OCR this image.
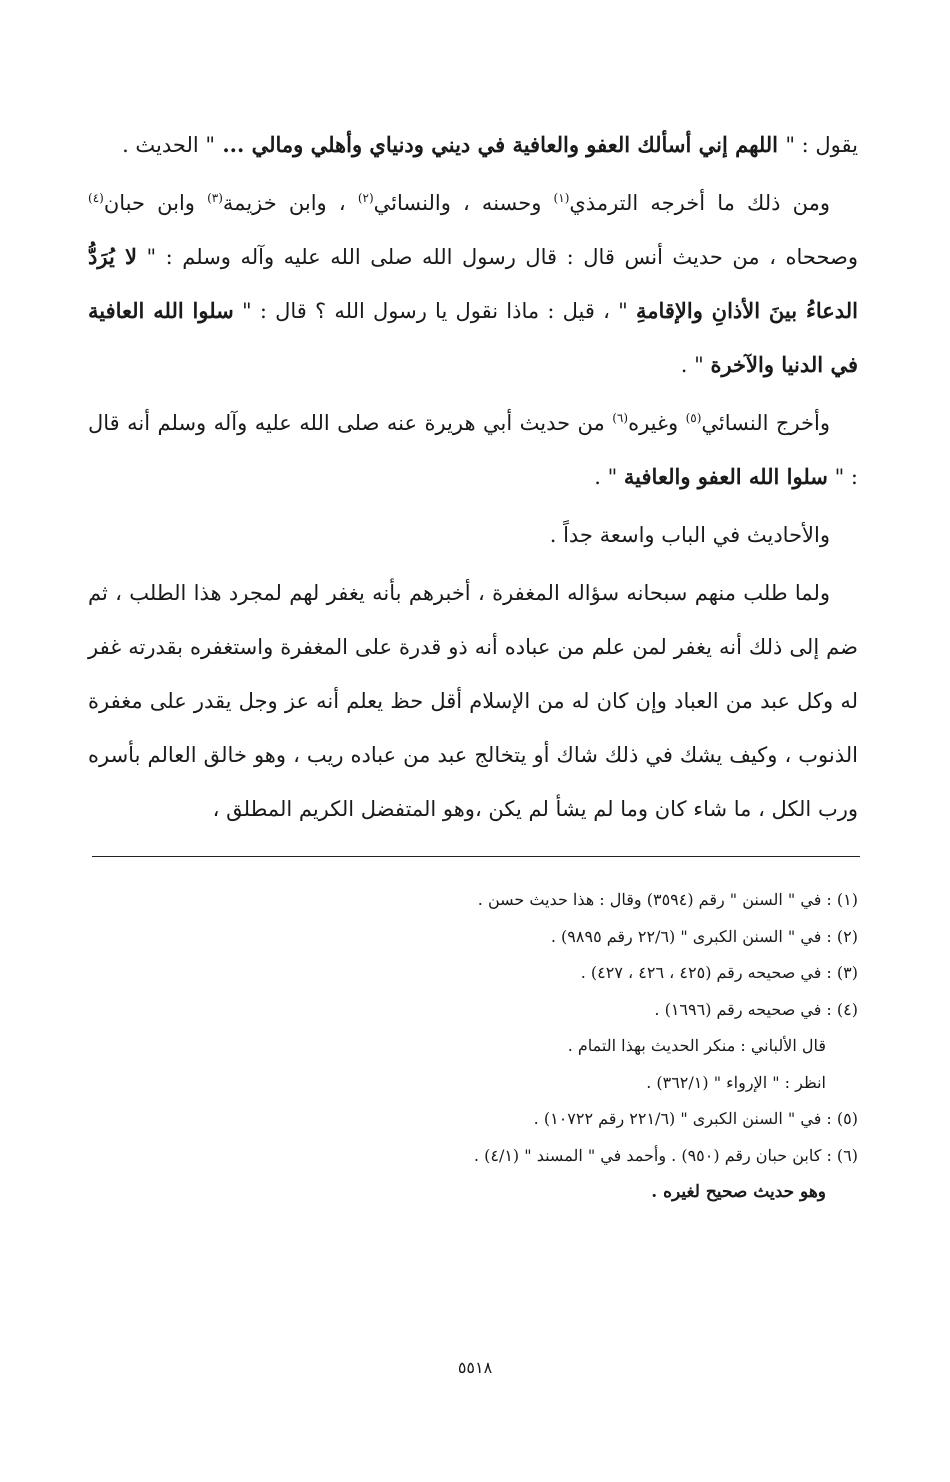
يقول : " اللهم إني أسألك العفو والعافية في ديني ودنياي وأهلي ومالي ... " الحديث .

ومن ذلك ما أخرجه الترمذي$^{(١)}$ وحسنه ، والنسائي$^{(٢)}$ ، وابن خزيمة$^{(٣)}$ وابن حبان$^{(٤)}$ وصححاه ، من حديث أنس قال : قال رسول الله صلى الله عليه وآله وسلم : " لا يُرَدُّ الدعاءُ بينَ الأذانِ والإقامةِ " ، قيل : ماذا نقول يا رسول الله ؟ قال : " سلوا الله العافية في الدنيا والآخرة " .

وأخرج النسائي$^{(٥)}$ وغيره$^{(٦)}$ من حديث أبي هريرة عنه صلى الله عليه وآله وسلم أنه قال : " سلوا الله العفو والعافية " .

والأحاديث في الباب واسعة جداً .

ولما طلب منهم سبحانه سؤاله المغفرة ، أخبرهم بأنه يغفر لهم لمجرد هذا الطلب ، ثم ضم إلى ذلك أنه يغفر لمن علم من عباده أنه ذو قدرة على المغفرة واستغفره بقدرته غفر له وكل عبد من العباد وإن كان له من الإسلام أقل حظ يعلم أنه عز وجل يقدر على مغفرة الذنوب ، وكيف يشك في ذلك شاك أو يتخالج عبد من عباده ريب ، وهو خالق العالم بأسره ورب الكل ، ما شاء كان وما لم يشأ لم يكن ،وهو المتفضل الكريم المطلق ،

(١) : في " السنن " رقم (٣٥٩٤) وقال : هذا حديث حسن .

(٢) : في " السنن الكبرى " (٢٢/٦ رقم ٩٨٩٥) .

(٣) : في صحيحه رقم (٤٢٥ ، ٤٢٦ ، ٤٢٧) .

(٤) : في صحيحه رقم (١٦٩٦) .

قال الألباني : منكر الحديث بهذا التمام .

انظر : " الإرواء " (٣٦٢/١) .

(٥) : في " السنن الكبرى " (٢٢١/٦ رقم ١٠٧٢٢) .

(٦) : كابن حبان رقم (٩٥٠) . وأحمد في " المسند " (٤/١) .

وهو حديث صحيح لغيره .

٥٥١٨
